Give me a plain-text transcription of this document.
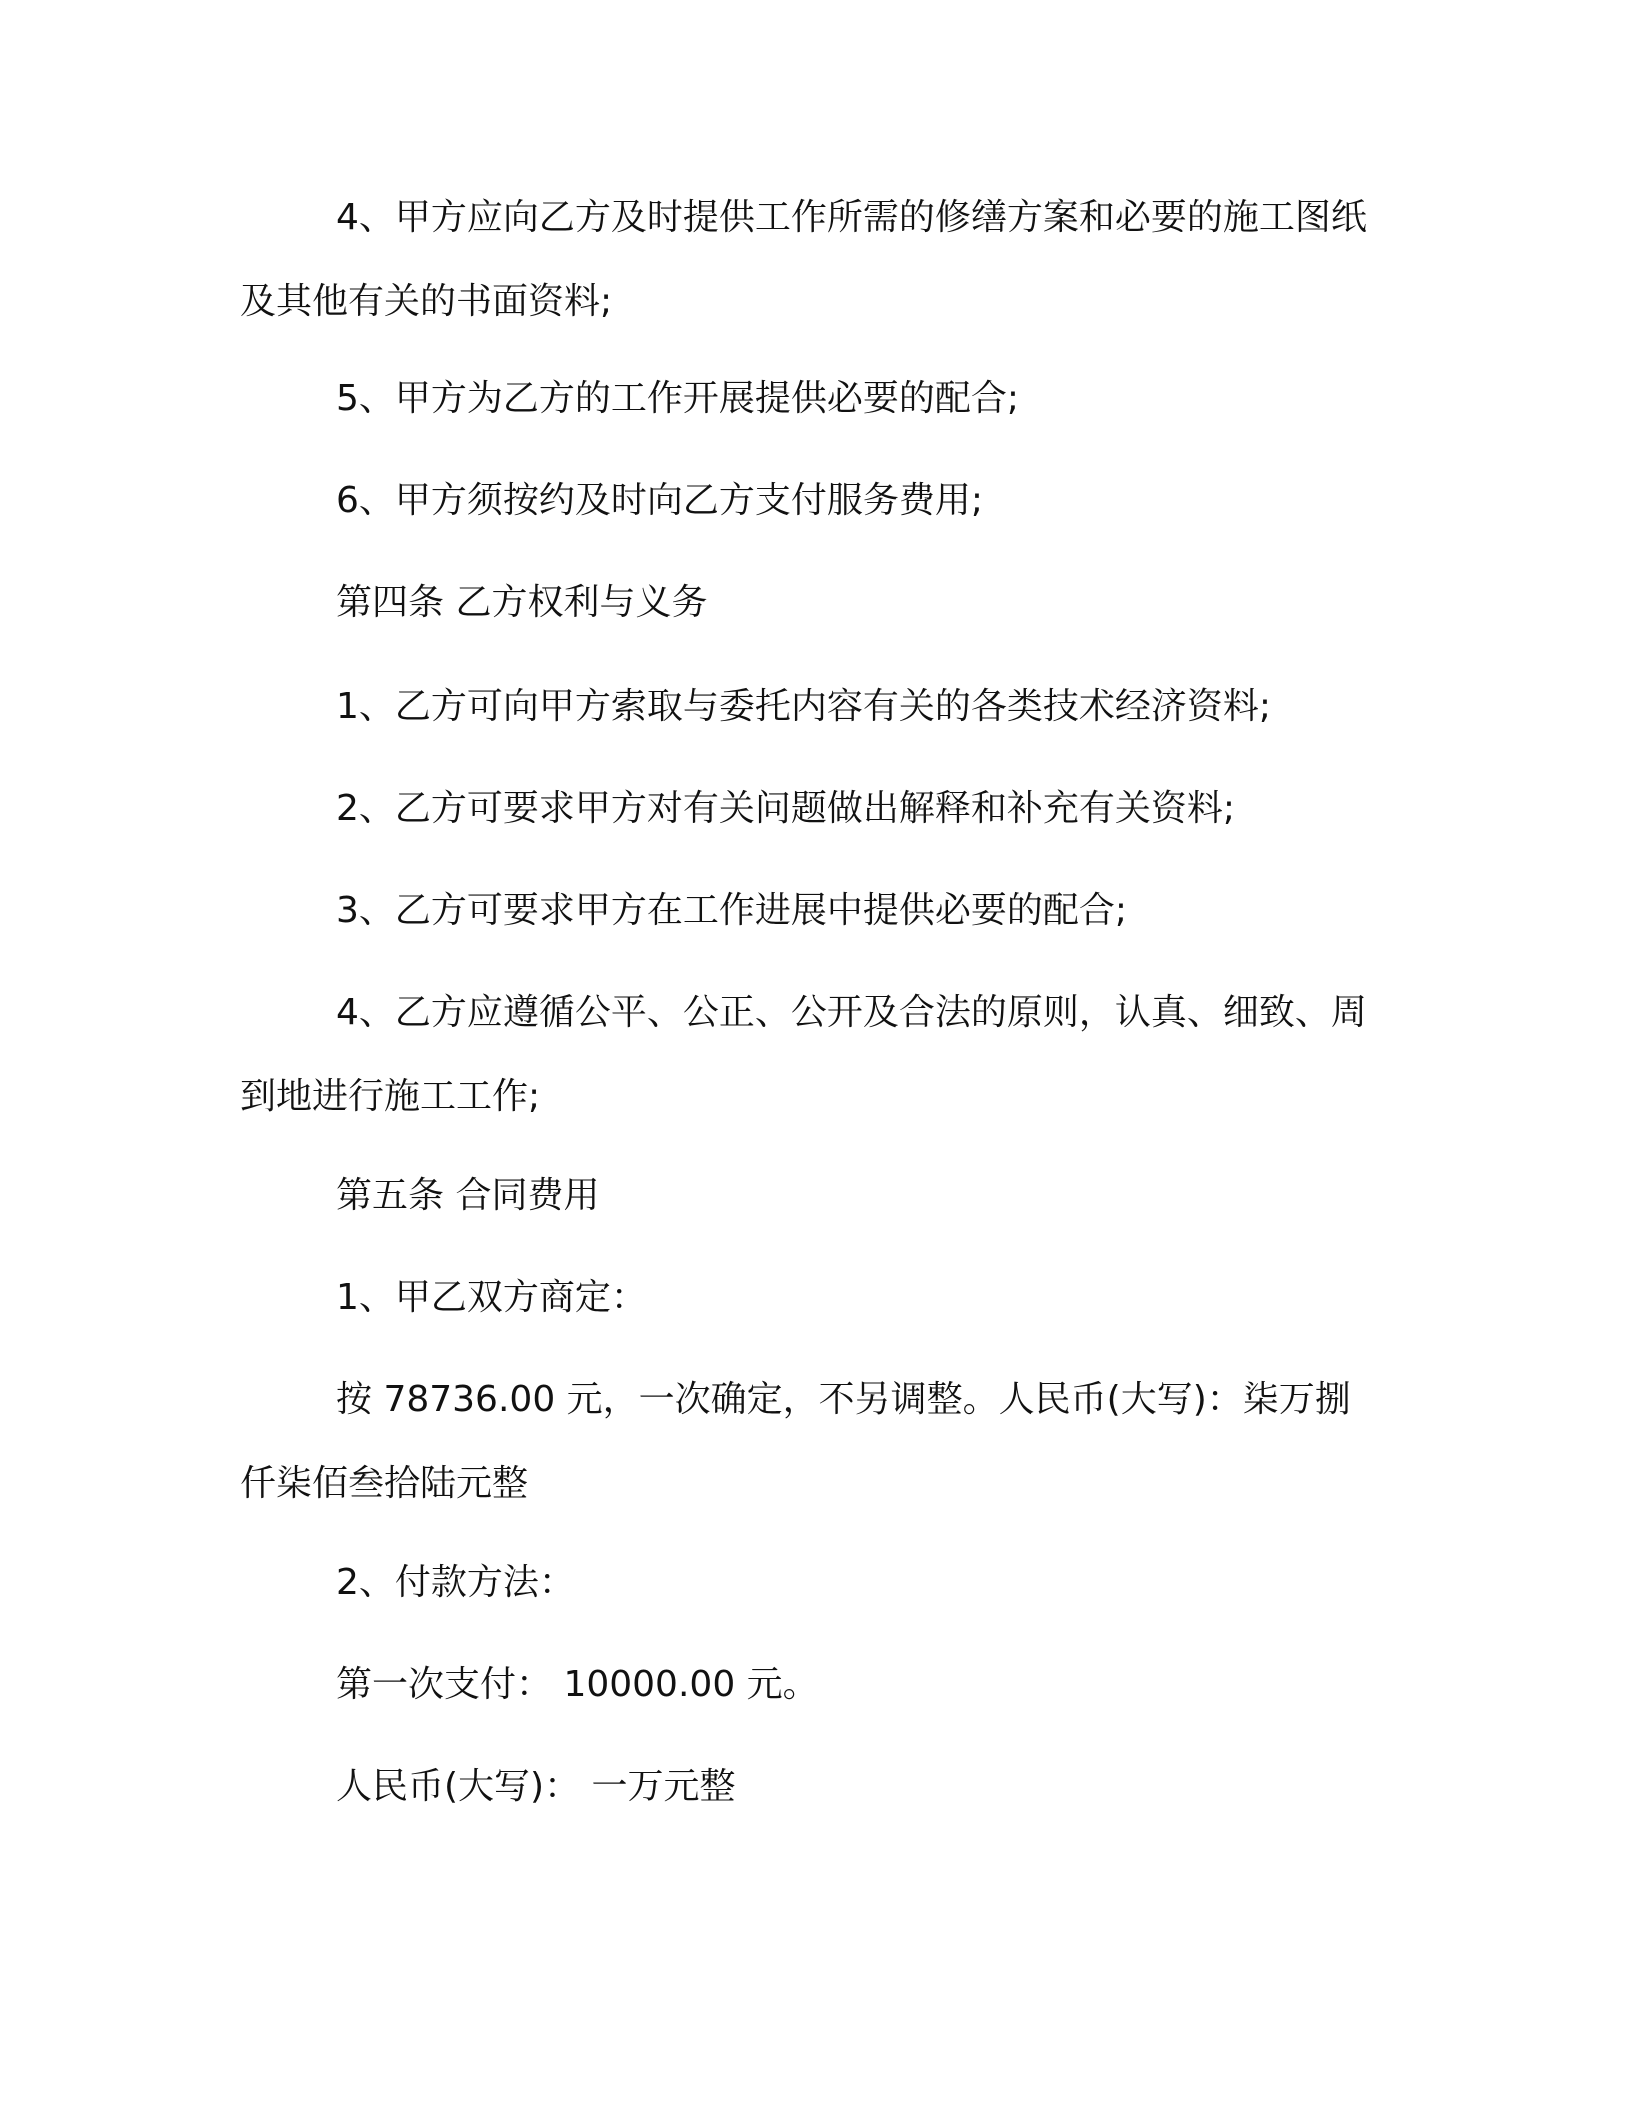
4、甲方应向乙方及时提供工作所需的修缮方案和必要的施工图纸及其他有关的书面资料;

5、甲方为乙方的工作开展提供必要的配合;

6、甲方须按约及时向乙方支付服务费用;

第四条 乙方权利与义务

1、乙方可向甲方索取与委托内容有关的各类技术经济资料;

2、乙方可要求甲方对有关问题做出解释和补充有关资料;

3、乙方可要求甲方在工作进展中提供必要的配合;

4、乙方应遵循公平、公正、公开及合法的原则，认真、细致、周到地进行施工工作;

第五条 合同费用

1、甲乙双方商定：

按 78736.00 元，一次确定，不另调整。人民币(大写)：柒万捌仟柒佰叁拾陆元整

2、付款方法：

第一次支付： 10000.00 元。

人民币(大写)： 一万元整
